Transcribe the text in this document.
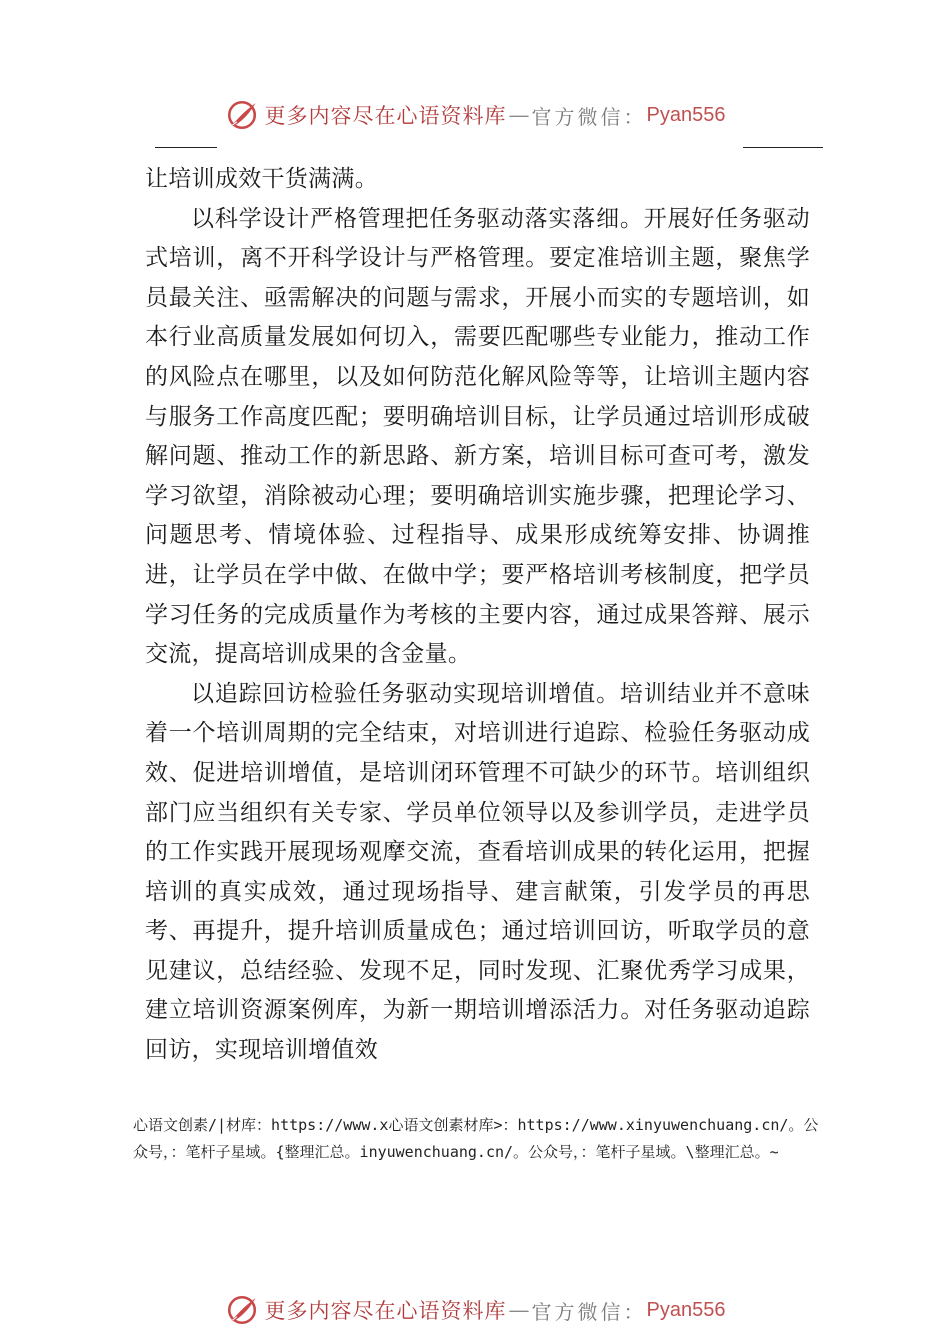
更多内容尽在心语资料库 — 官方微信： Pyan556

让培训成效干货满满。

以科学设计严格管理把任务驱动落实落细。开展好任务驱动式培训，离不开科学设计与严格管理。要定准培训主题，聚焦学员最关注、亟需解决的问题与需求，开展小而实的专题培训，如本行业高质量发展如何切入，需要匹配哪些专业能力，推动工作的风险点在哪里，以及如何防范化解风险等等，让培训主题内容与服务工作高度匹配；要明确培训目标，让学员通过培训形成破解问题、推动工作的新思路、新方案，培训目标可查可考，激发学习欲望，消除被动心理；要明确培训实施步骤，把理论学习、问题思考、情境体验、过程指导、成果形成统筹安排、协调推进，让学员在学中做、在做中学；要严格培训考核制度，把学员学习任务的完成质量作为考核的主要内容，通过成果答辩、展示交流，提高培训成果的含金量。

以追踪回访检验任务驱动实现培训增值。培训结业并不意味着一个培训周期的完全结束，对培训进行追踪、检验任务驱动成效、促进培训增值，是培训闭环管理不可缺少的环节。培训组织部门应当组织有关专家、学员单位领导以及参训学员，走进学员的工作实践开展现场观摩交流，查看培训成果的转化运用，把握培训的真实成效，通过现场指导、建言献策，引发学员的再思考、再提升，提升培训质量成色；通过培训回访，听取学员的意见建议，总结经验、发现不足，同时发现、汇聚优秀学习成果，建立培训资源案例库，为新一期培训增添活力。对任务驱动追踪回访，实现培训增值效

心语文创素/|材库：https://www.x心语文创素材库>：https://www.xinyuwenchuang.cn/。公众号，：笔杆子星域。{整理汇总。inyuwenchuang.cn/。公众号，：笔杆子星域。\整理汇总。~
更多内容尽在心语资料库 — 官方微信： Pyan556
